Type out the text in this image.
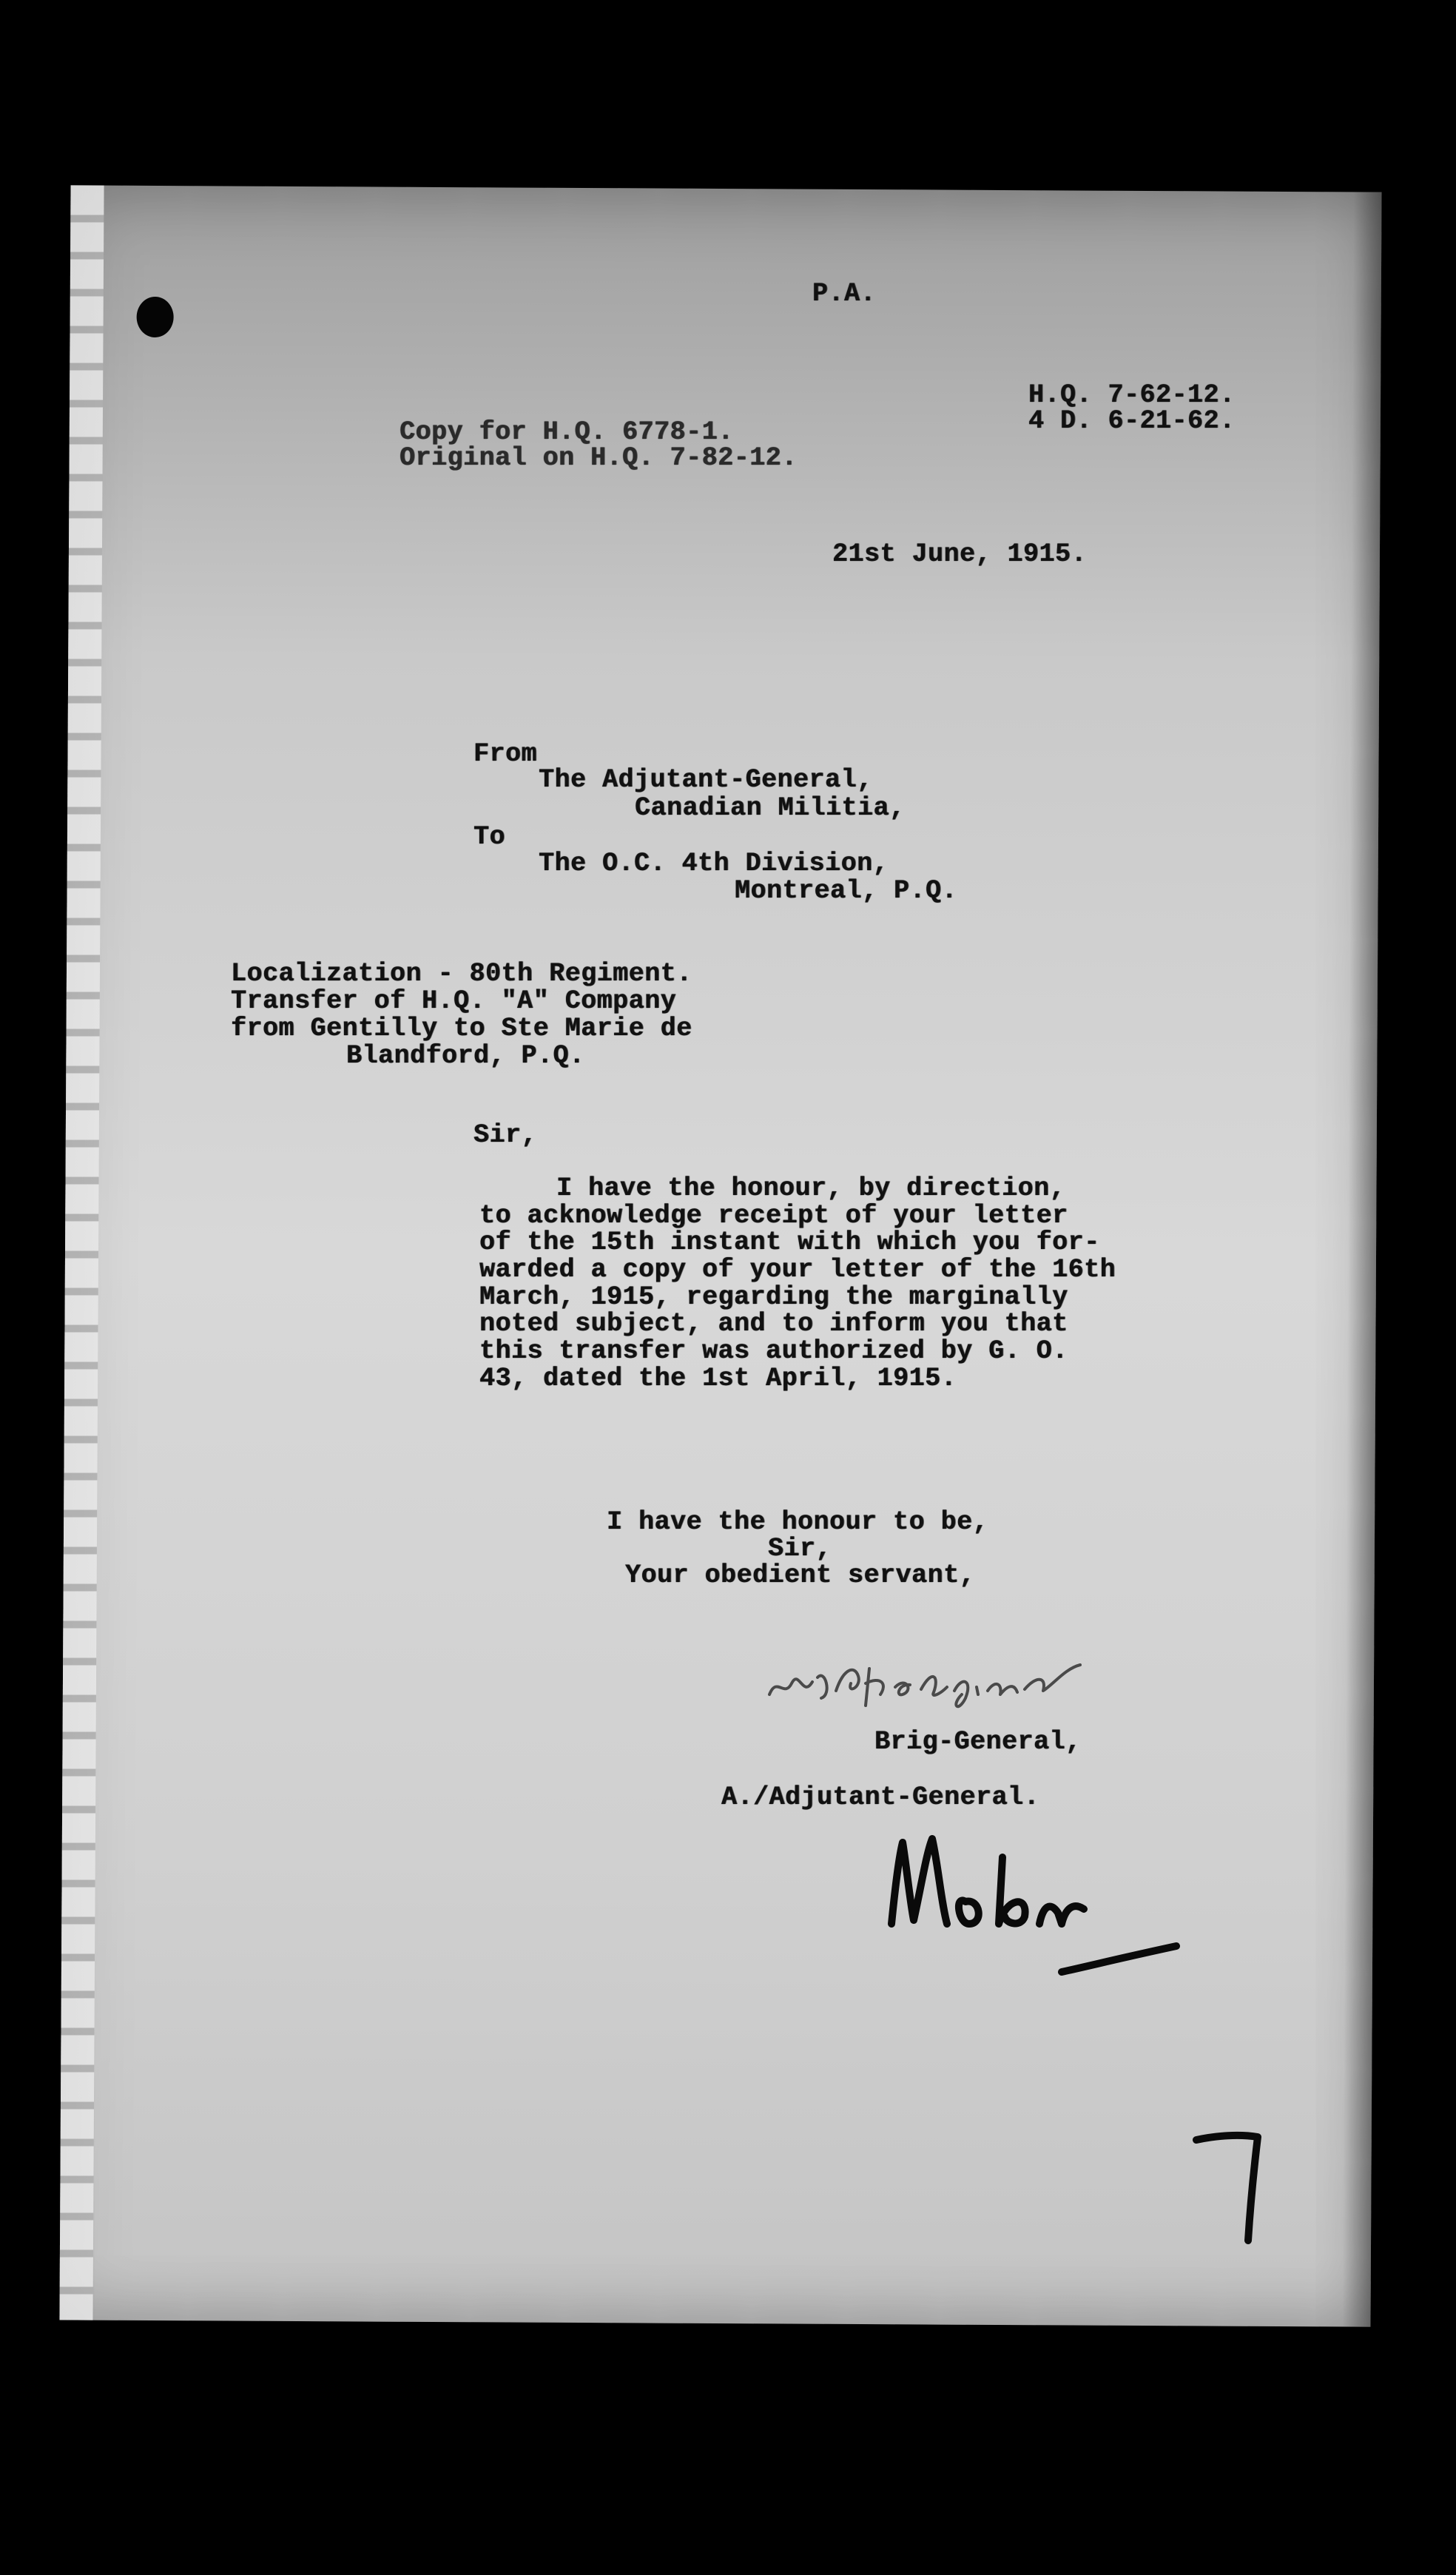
P.A.
H.Q. 7-62-12.
4 D. 6-21-62.
Copy for H.Q. 6778-1.
Original on H.Q. 7-82-12.
21st June, 1915.
From
The Adjutant-General,
Canadian Militia,
To
The O.C. 4th Division,
Montreal, P.Q.
Localization - 80th Regiment.
Transfer of H.Q. "A" Company
from Gentilly to Ste Marie de
Blandford, P.Q.
Sir,
I have the honour, by direction,
to acknowledge receipt of your letter
of the 15th instant with which you for-
warded a copy of your letter of the 16th
March, 1915, regarding the marginally
noted subject, and to inform you that
this transfer was authorized by G. O.
43, dated the 1st April, 1915.
I have the honour to be,
Sir,
Your obedient servant,
Brig-General,
A./Adjutant-General.
